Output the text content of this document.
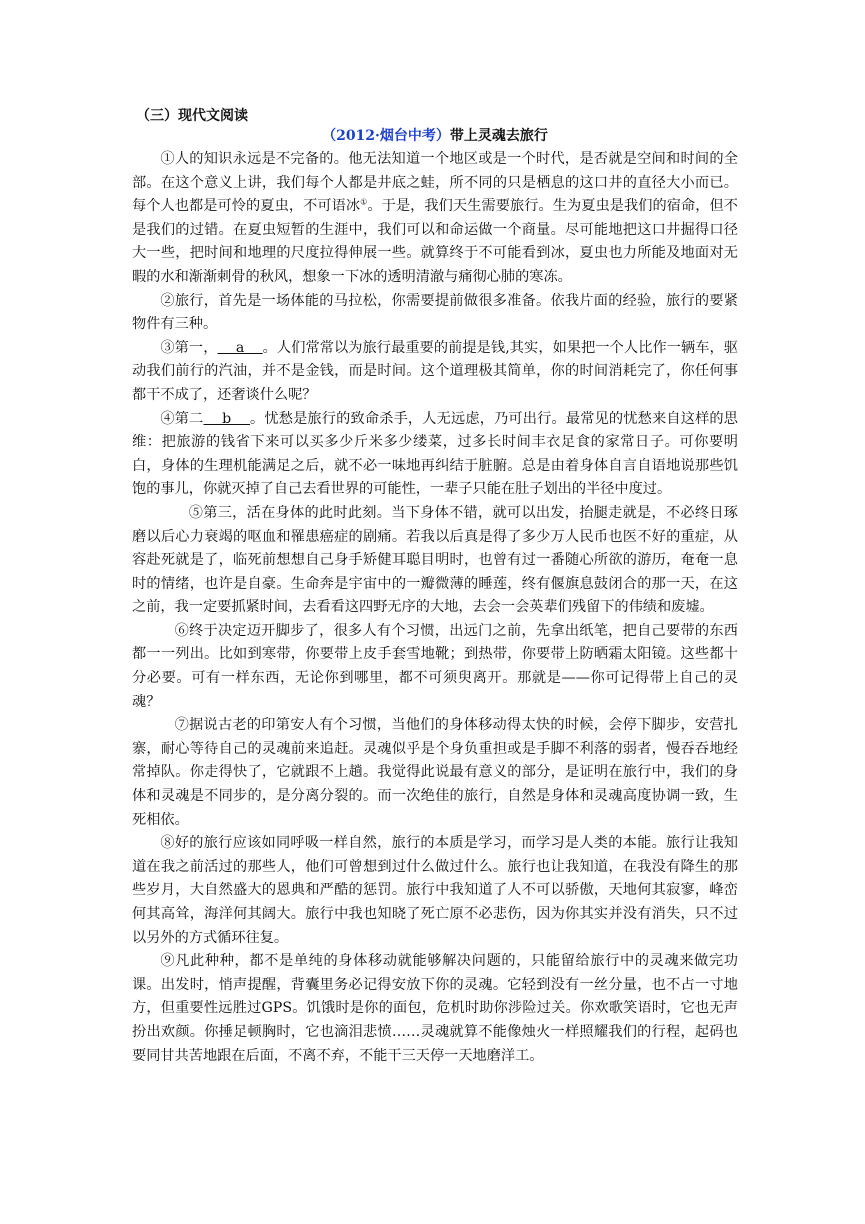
（三）现代文阅读
（2012·烟台中考）带上灵魂去旅行

①人的知识永远是不完备的。他无法知道一个地区或是一个时代，是否就是空间和时间的全部。在这个意义上讲，我们每个人都是井底之蛙，所不同的只是栖息的这口井的直径大小而已。每个人也都是可怜的夏虫，不可语冰①。于是，我们天生需要旅行。生为夏虫是我们的宿命，但不是我们的过错。在夏虫短暂的生涯中，我们可以和命运做一个商量。尽可能地把这口井掘得口径大一些，把时间和地理的尺度拉得伸展一些。就算终于不可能看到冰，夏虫也力所能及地面对无暇的水和渐渐刺骨的秋风，想象一下冰的透明清澈与痛彻心肺的寒冻。

②旅行，首先是一场体能的马拉松，你需要提前做很多准备。依我片面的经验，旅行的要紧物件有三种。

③第一，    a    。人们常常以为旅行最重要的前提是钱,其实，如果把一个人比作一辆车，驱动我们前行的汽油，并不是金钱，而是时间。这个道理极其简单，你的时间消耗完了，你任何事都干不成了，还奢谈什么呢？

④第二    b    。忧愁是旅行的致命杀手，人无远虑，乃可出行。最常见的忧愁来自这样的思维：把旅游的钱省下来可以买多少斤米多少缕菜，过多长时间丰衣足食的家常日子。可你要明白，身体的生理机能满足之后，就不必一味地再纠结于脏腑。总是由着身体自言自语地说那些饥饱的事儿，你就灭掉了自己去看世界的可能性，一辈子只能在肚子划出的半径中度过。

⑤第三，活在身体的此时此刻。当下身体不错，就可以出发，抬腿走就是，不必终日琢磨以后心力衰竭的呕血和罹患癌症的剧痛。若我以后真是得了多少万人民币也医不好的重症，从容赴死就是了，临死前想想自己身手矫健耳聪目明时，也曾有过一番随心所欲的游历，奄奄一息时的情绪，也许是自豪。生命奔是宇宙中的一瓣微薄的睡莲，终有偃旗息鼓闭合的那一天，在这之前，我一定要抓紧时间，去看看这四野无序的大地，去会一会英辈们残留下的伟绩和废墟。

⑥终于决定迈开脚步了，很多人有个习惯，出远门之前，先拿出纸笔，把自己要带的东西都一一列出。比如到寒带，你要带上皮手套雪地靴；到热带，你要带上防晒霜太阳镜。这些都十分必要。可有一样东西，无论你到哪里，都不可须臾离开。那就是——你可记得带上自己的灵魂？

⑦据说古老的印第安人有个习惯，当他们的身体移动得太快的时候，会停下脚步，安营扎寨，耐心等待自己的灵魂前来追赶。灵魂似乎是个身负重担或是手脚不利落的弱者，慢吞吞地经常掉队。你走得快了，它就跟不上趟。我觉得此说最有意义的部分，是证明在旅行中，我们的身体和灵魂是不同步的，是分离分裂的。而一次绝佳的旅行，自然是身体和灵魂高度协调一致，生死相依。

⑧好的旅行应该如同呼吸一样自然，旅行的本质是学习，而学习是人类的本能。旅行让我知道在我之前活过的那些人，他们可曾想到过什么做过什么。旅行也让我知道，在我没有降生的那些岁月，大自然盛大的恩典和严酷的惩罚。旅行中我知道了人不可以骄傲，天地何其寂寥，峰峦何其高耸，海洋何其阔大。旅行中我也知晓了死亡原不必悲伤，因为你其实并没有消失，只不过以另外的方式循环往复。

⑨凡此种种，都不是单纯的身体移动就能够解决问题的，只能留给旅行中的灵魂来做完功课。出发时，悄声提醒，背囊里务必记得安放下你的灵魂。它轻到没有一丝分量，也不占一寸地方，但重要性远胜过GPS。饥饿时是你的面包，危机时助你涉险过关。你欢歌笑语时，它也无声扮出欢颜。你捶足顿胸时，它也滴泪悲愤……灵魂就算不能像烛火一样照耀我们的行程，起码也要同甘共苦地跟在后面，不离不弃，不能干三天停一天地磨洋工。
